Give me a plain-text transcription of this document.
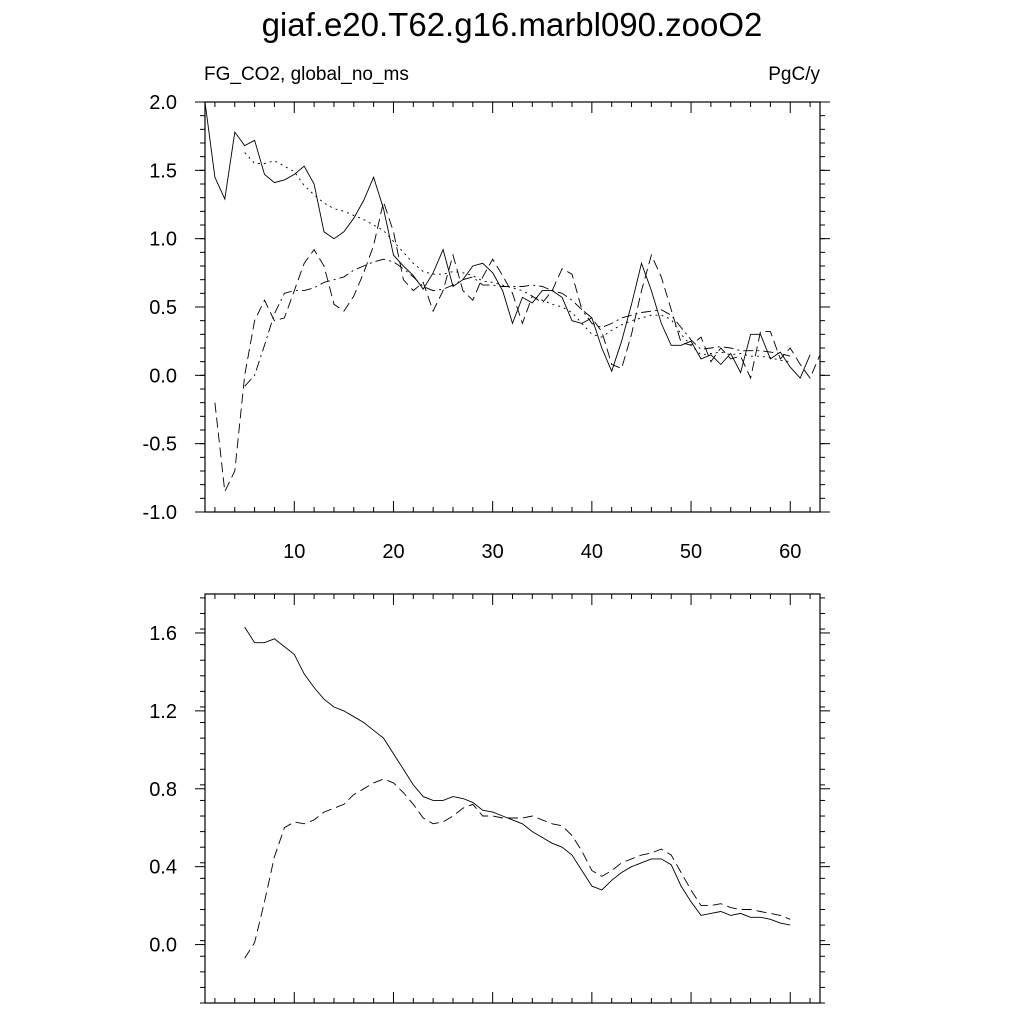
giaf.e20.T62.g16.marbl090.zooO2
FG_CO2, global_no_ms	PgC/y
10	20	30	40	50	60
-1.0
-0.5
0.0
0.5
1.0
1.5
2.0
0.0
0.4
0.8
1.2
1.6
